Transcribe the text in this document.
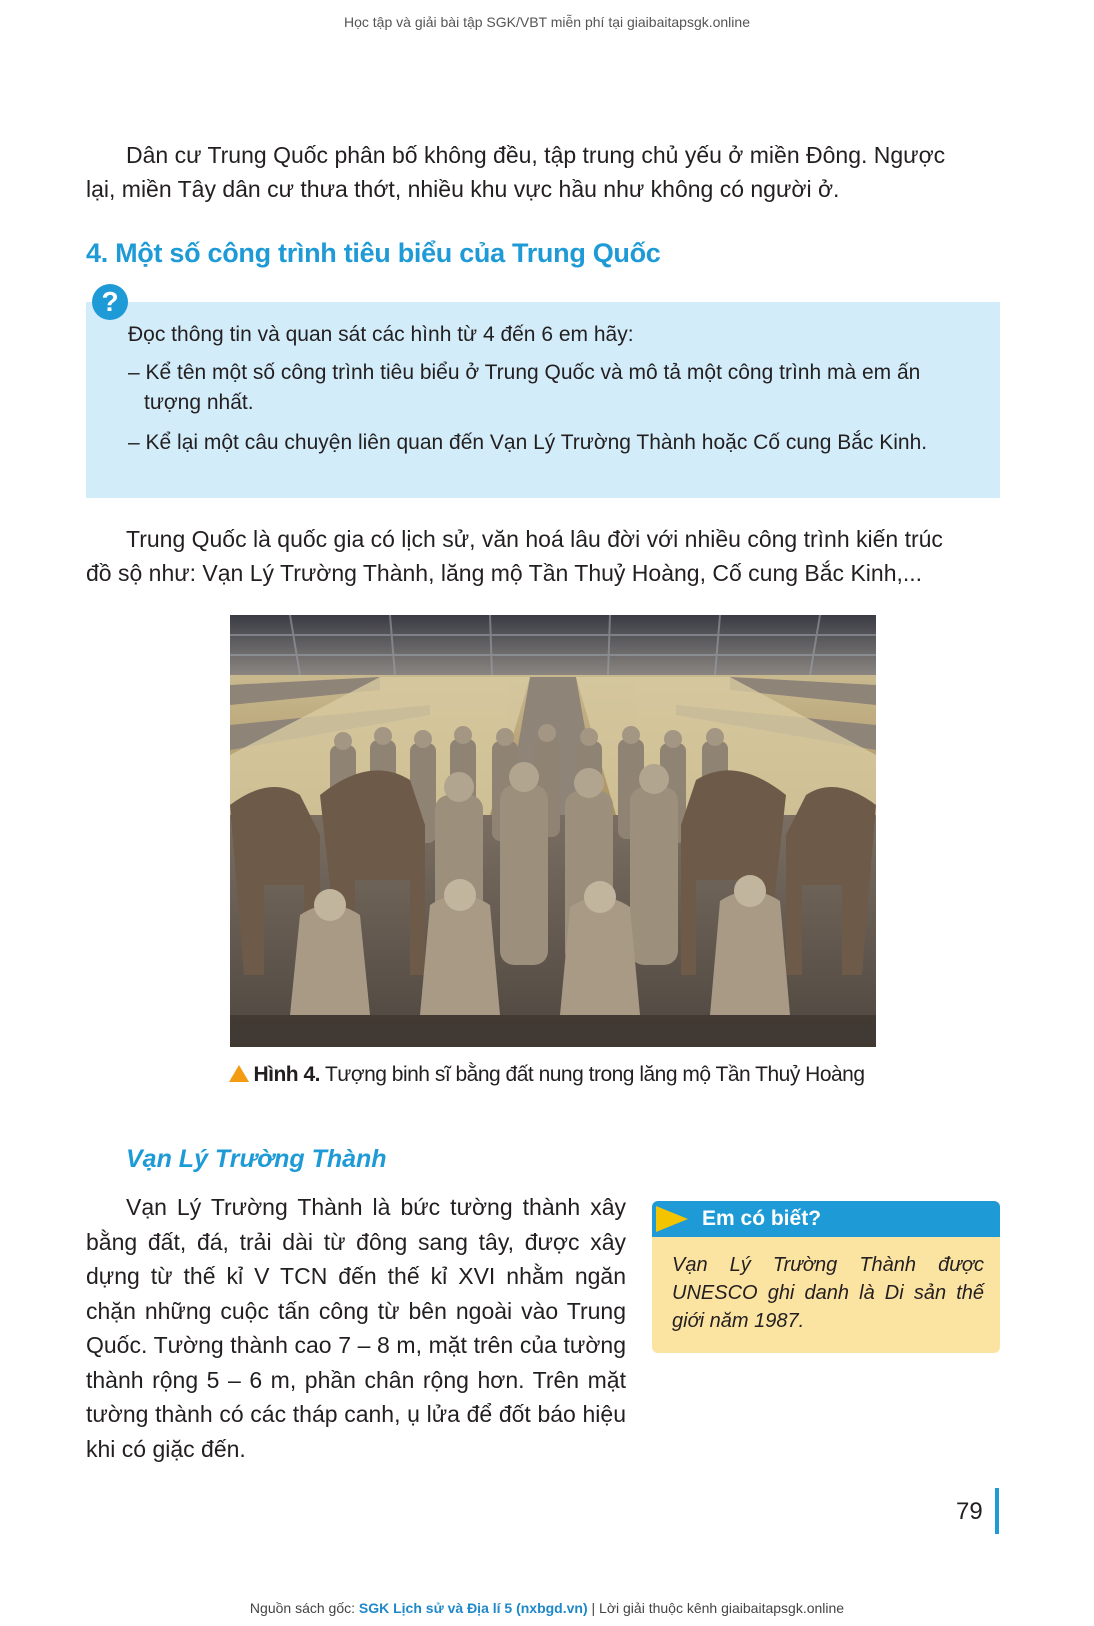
Học tập và giải bài tập SGK/VBT miễn phí tại giaibaitapsgk.online
Dân cư Trung Quốc phân bố không đều, tập trung chủ yếu ở miền Đông. Ngược
lại, miền Tây dân cư thưa thớt, nhiều khu vực hầu như không có người ở.
4. Một số công trình tiêu biểu của Trung Quốc
Đọc thông tin và quan sát các hình từ 4 đến 6 em hãy:
– Kể tên một số công trình tiêu biểu ở Trung Quốc và mô tả một công trình mà em ấn
tượng nhất.
– Kể lại một câu chuyện liên quan đến Vạn Lý Trường Thành hoặc Cố cung Bắc Kinh.
?
Trung Quốc là quốc gia có lịch sử, văn hoá lâu đời với nhiều công trình kiến trúc
đồ sộ như: Vạn Lý Trường Thành, lăng mộ Tần Thuỷ Hoàng, Cố cung Bắc Kinh,...
Hình 4. Tượng binh sĩ bằng đất nung trong lăng mộ Tần Thuỷ Hoàng
Vạn Lý Trường Thành
Vạn Lý Trường Thành là bức tường thành xây bằng đất, đá, trải dài từ đông sang tây, được xây dựng từ thế kỉ V TCN đến thế kỉ XVI nhằm ngăn chặn những cuộc tấn công từ bên ngoài vào Trung Quốc. Tường thành cao 7 – 8 m, mặt trên của tường thành rộng 5 – 6 m, phần chân rộng hơn. Trên mặt tường thành có các tháp canh, ụ lửa để đốt báo hiệu khi có giặc đến.
Em có biết?
Vạn Lý Trường Thành được UNESCO ghi danh là Di sản thế giới năm 1987.
79
Nguồn sách gốc: SGK Lịch sử và Địa lí 5 (nxbgd.vn) | Lời giải thuộc kênh giaibaitapsgk.online
